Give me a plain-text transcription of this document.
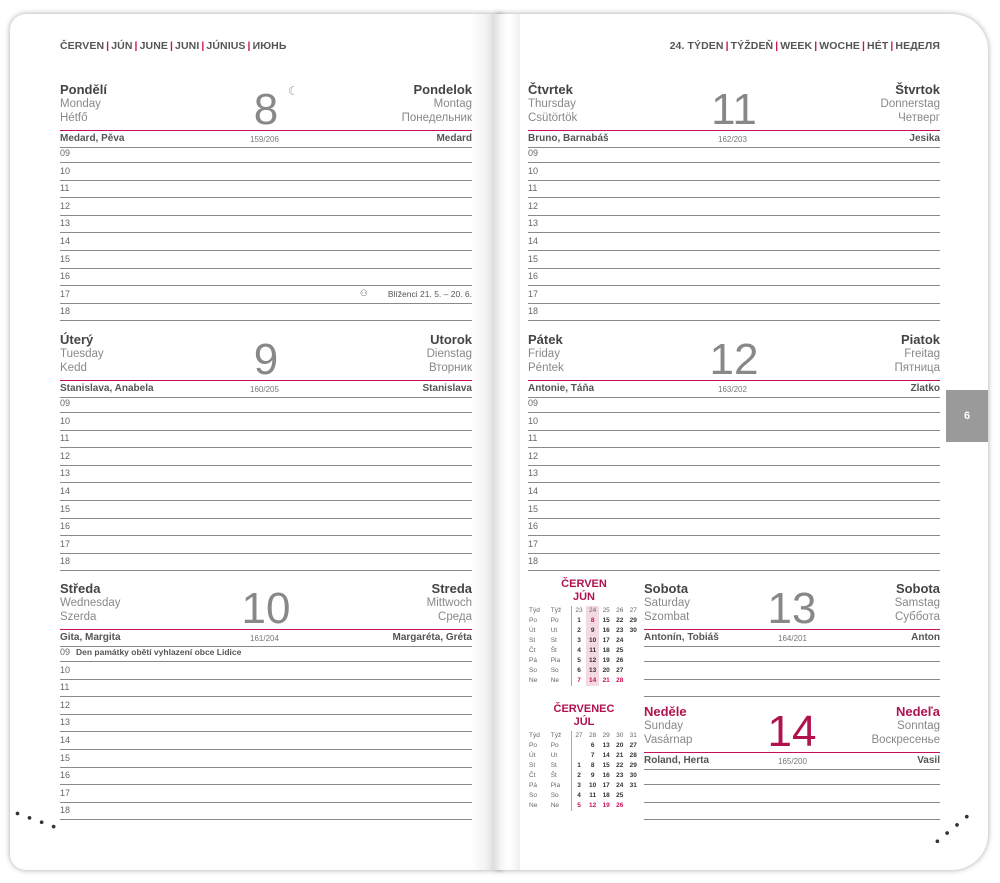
ČERVEN | JÚN | JUNE | JUNI | JÚNIUS | ИЮНЬ	24. TÝDEN | TÝŽDEŇ | WEEK | WOCHE | HÉT | НЕДЕЛЯ
Pondělí
Monday
Hétfő
Pondelok
Montag
Понедельник
8 ☾
Medard, Pěva	159/206	Medard
09
10
11
12
13
14
15
16
17	Blíženci 21. 5. – 20. 6.
⚇
18
Úterý
Tuesday
Kedd
Utorok
Dienstag
Вторник
9
Stanislava, Anabela	160/205	Stanislava
09
10
11
12
13
14
15
16
17
18
Středa
Wednesday
Szerda
Streda
Mittwoch
Среда
10
Gita, Margita	161/204	Margaréta, Gréta
09 Den památky obětí vyhlazení obce Lidice
10
11
12
13
14
15
16
17
18
Čtvrtek
Thursday
Csütörtök
Štvrtok
Donnerstag
Четверг
11
Bruno, Barnabáš	162/203	Jesika
09
10
11
12
13
14
15
16
17
18
Pátek
Friday
Péntek
Piatok
Freitag
Пятница
12
Antonie, Táňa	163/202	Zlatko
09
10
11
12
13
14
15
16
17
18
Sobota
Saturday
Szombat
Sobota
Samstag
Суббота
13
Antonín, Tobiáš	164/201	Anton
Neděle
Sunday
Vasárnap
Nedeľa
Sonntag
Воскресенье
14
Roland, Herta	165/200	Vasil
6
ČERVEN
JÚN
Týd	Týž	23	24	25	26	27
Po	Po	1	8	15	22	29
Út	Ut	2	9	16	23	30
St	St	3	10	17	24	
Čt	Št	4	11	18	25	
Pá	Pia	5	12	19	26	
So	So	6	13	20	27	
Ne	Ne	7	14	21	28	
ČERVENEC
JÚL
Týd	Týž	27	28	29	30	31
Po	Po		6	13	20	27
Út	Ut		7	14	21	28
St	St	1	8	15	22	29
Čt	Št	2	9	16	23	30
Pá	Pia	3	10	17	24	31
So	So	4	11	18	25	
Ne	Ne	5	12	19	26	
• • • •	• • • •
